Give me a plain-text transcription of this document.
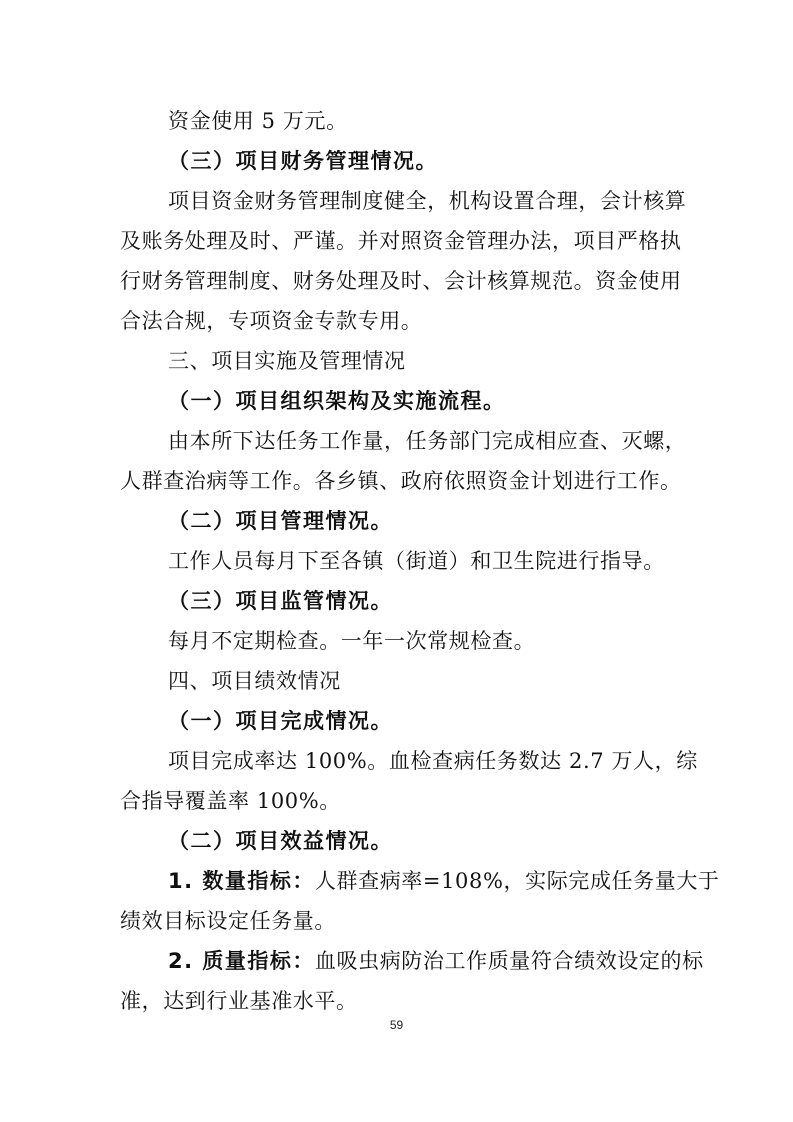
资金使用 5 万元。
（三）项目财务管理情况。
项目资金财务管理制度健全，机构设置合理，会计核算
及账务处理及时、严谨。并对照资金管理办法，项目严格执
行财务管理制度、财务处理及时、会计核算规范。资金使用
合法合规，专项资金专款专用。
三、项目实施及管理情况
（一）项目组织架构及实施流程。
由本所下达任务工作量，任务部门完成相应查、灭螺，
人群查治病等工作。各乡镇、政府依照资金计划进行工作。
（二）项目管理情况。
工作人员每月下至各镇（街道）和卫生院进行指导。
（三）项目监管情况。
每月不定期检查。一年一次常规检查。
四、项目绩效情况
（一）项目完成情况。
项目完成率达 100%。血检查病任务数达 2.7 万人，综
合指导覆盖率 100%。
（二）项目效益情况。
1. 数量指标：人群查病率=108%，实际完成任务量大于
绩效目标设定任务量。
2. 质量指标：血吸虫病防治工作质量符合绩效设定的标
准，达到行业基准水平。
59
